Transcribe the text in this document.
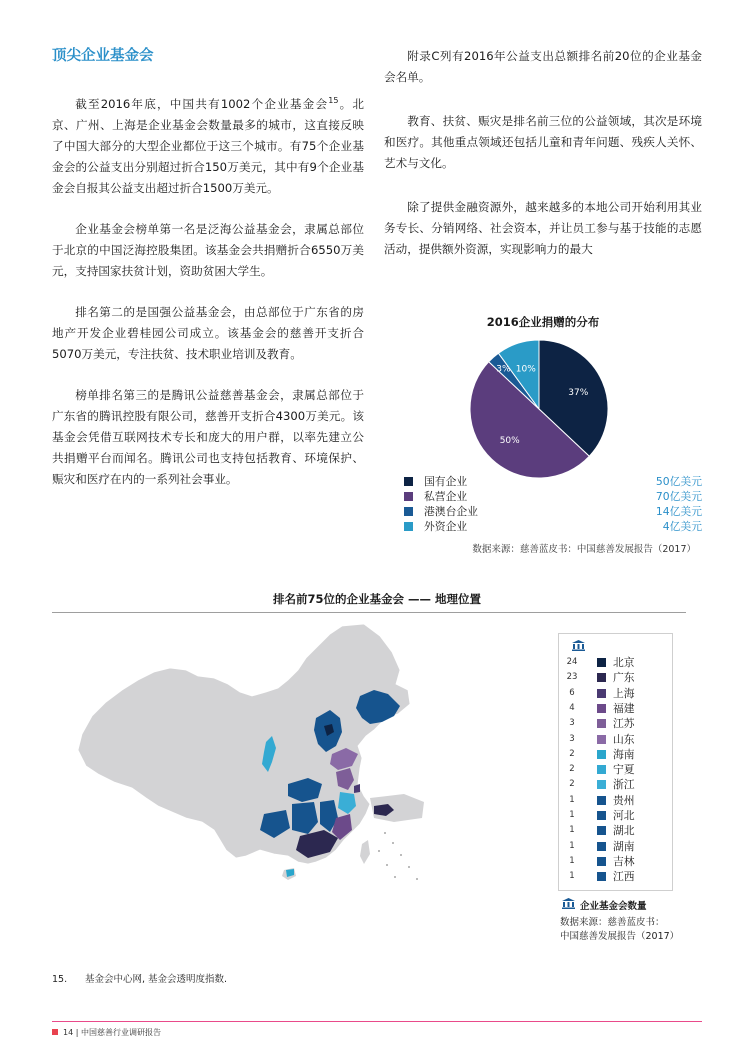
顶尖企业基金会

截至2016年底，中国共有1002个企业基金会$^{15}$。北京、广州、上海是企业基金会数量最多的城市，这直接反映了中国大部分的大型企业都位于这三个城市。有75个企业基金会的公益支出分别超过折合150万美元，其中有9个企业基金会自报其公益支出超过折合1500万美元。

企业基金会榜单第一名是泛海公益基金会，隶属总部位于北京的中国泛海控股集团。该基金会共捐赠折合6550万美元，支持国家扶贫计划，资助贫困大学生。

排名第二的是国强公益基金会，由总部位于广东省的房地产开发企业碧桂园公司成立。该基金会的慈善开支折合5070万美元，专注扶贫、技术职业培训及教育。

榜单排名第三的是腾讯公益慈善基金会，隶属总部位于广东省的腾讯控股有限公司，慈善开支折合4300万美元。该基金会凭借互联网技术专长和庞大的用户群，以率先建立公共捐赠平台而闻名。腾讯公司也支持包括教育、环境保护、赈灾和医疗在内的一系列社会事业。

附录C列有2016年公益支出总额排名前20位的企业基金会名单。

教育、扶贫、赈灾是排名前三位的公益领域，其次是环境和医疗。其他重点领域还包括儿童和青年问题、残疾人关怀、艺术与文化。

除了提供金融资源外，越来越多的本地公司开始利用其业务专长、分销网络、社会资本，并让员工参与基于技能的志愿活动，提供额外资源，实现影响力的最大

2016企业捐赠的分布
37%
50%
3% 10%
国有企业	50亿美元
私营企业	70亿美元
港澳台企业	14亿美元
外资企业	4亿美元
数据来源：慈善蓝皮书：中国慈善发展报告（2017）
排名前75位的企业基金会 —— 地理位置
24	北京
23	广东
6	上海
4	福建
3	江苏
3	山东
2	海南
2	宁夏
2	浙江
1	贵州
1	河北
1	湖北
1	湖南
1	吉林
1	江西
企业基金会数量
数据来源：慈善蓝皮书：
中国慈善发展报告（2017）
15. 基金会中心网, 基金会透明度指数.
14 | 中国慈善行业调研报告
